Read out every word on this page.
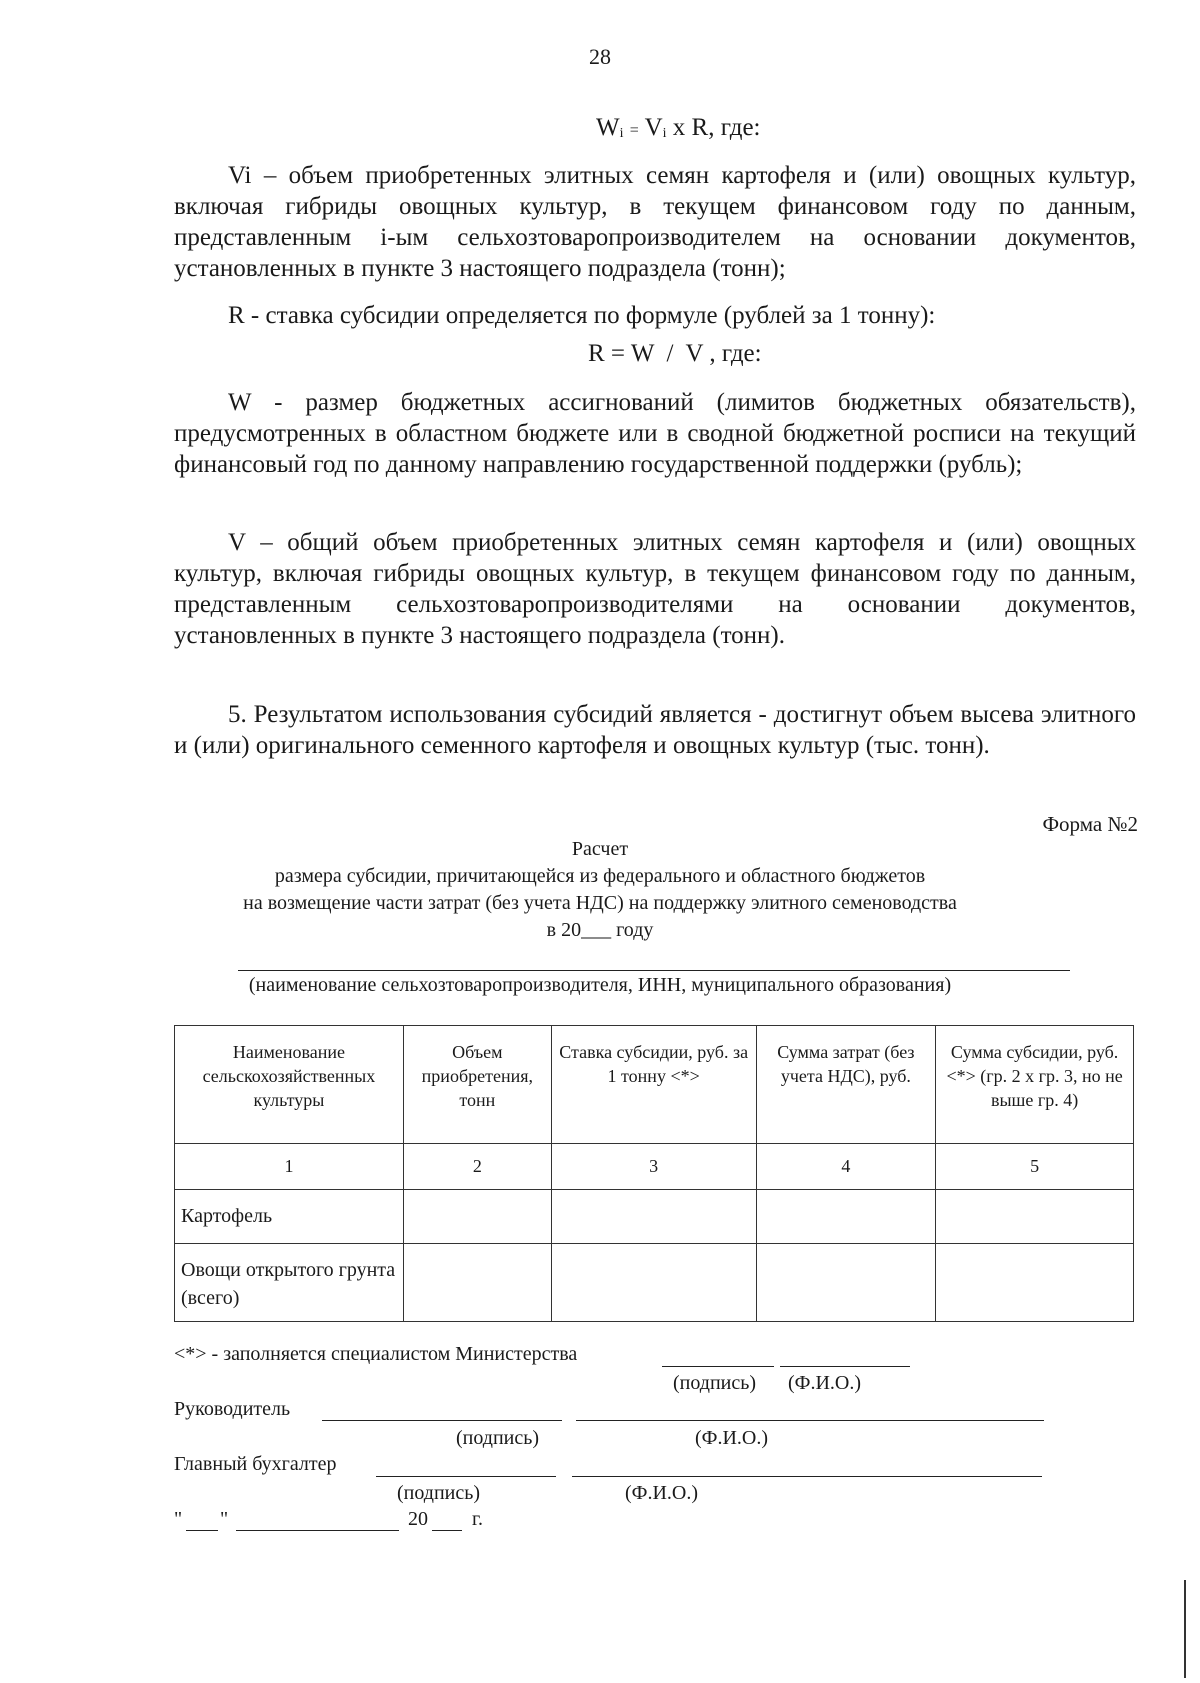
28
$W_i = V_i$ x R, где:
Vi – объем приобретенных элитных семян картофеля и (или) овощных культур, включая гибриды овощных культур, в текущем финансовом году по данным, представленным i-ым сельхозтоваропроизводителем на основании документов, установленных в пункте 3 настоящего подраздела (тонн);
R - ставка субсидии определяется по формуле (рублей за 1 тонну):
R = W  /  V , где:
W - размер бюджетных ассигнований (лимитов бюджетных обязательств), предусмотренных в областном бюджете или в сводной бюджетной росписи на текущий финансовый год по данному направлению государственной поддержки (рубль);
V – общий объем приобретенных элитных семян картофеля и (или) овощных культур, включая гибриды овощных культур, в текущем финансовом году по данным, представленным сельхозтоваропроизводителями на основании документов, установленных в пункте 3 настоящего подраздела (тонн).
5. Результатом использования субсидий является - достигнут объем высева элитного и (или) оригинального семенного картофеля и овощных культур (тыс. тонн).
Форма №2
Расчет
размера субсидии, причитающейся из федерального и областного бюджетов
на возмещение части затрат (без учета НДС) на поддержку элитного семеноводства
в 20___ году
(наименование сельхозтоваропроизводителя, ИНН, муниципального образования)
Наименование сельскохозяйственных культуры	Объем приобретения, тонн	Ставка субсидии, руб. за 1 тонну <*>	Сумма затрат (без учета НДС), руб.	Сумма субсидии, руб. <*> (гр. 2 х гр. 3, но не выше гр. 4)
1	2	3	4	5
Картофель				
Овощи открытого грунта (всего)				
<*> - заполняется специалистом Министерства
(подпись) (Ф.И.О.)
Руководитель
(подпись)	(Ф.И.О.)
Главный бухгалтер
(подпись)	(Ф.И.О.)
" "	20 г.
